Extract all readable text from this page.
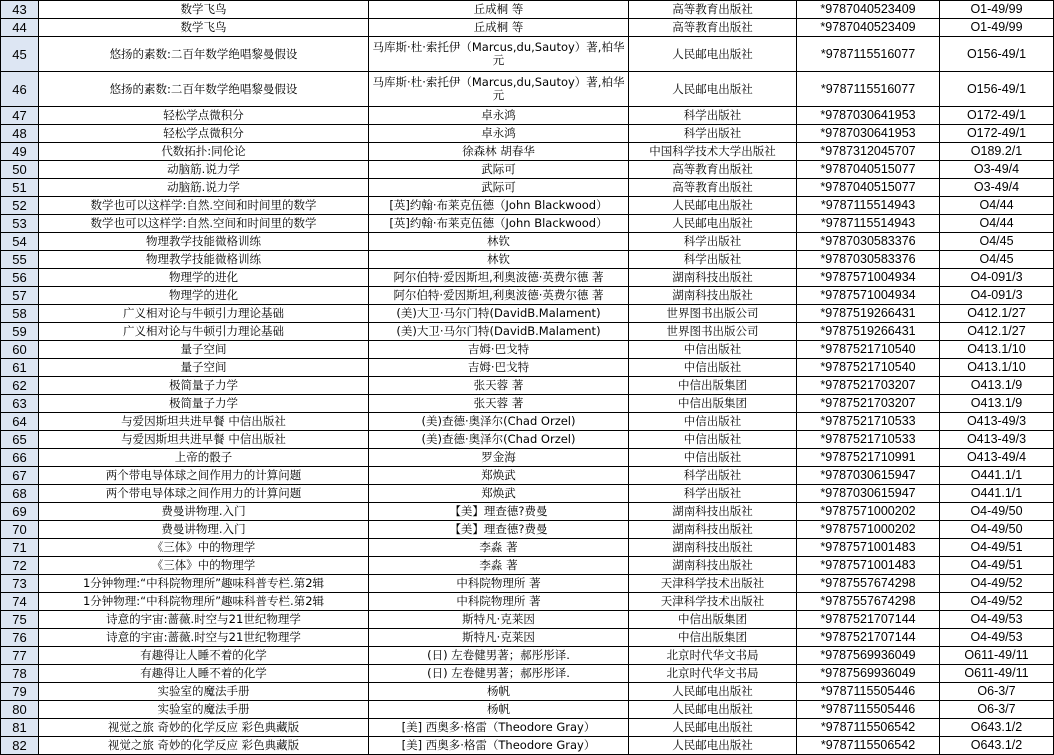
43	数学飞鸟	丘成桐 等	高等教育出版社	*9787040523409	O1-49/99
44	数学飞鸟	丘成桐 等	高等教育出版社	*9787040523409	O1-49/99
45	悠扬的素数:二百年数学绝唱黎曼假设	马库斯·杜·索托伊（Marcus,du,Sautoy）著,柏华元	人民邮电出版社	*9787115516077	O156-49/1
46	悠扬的素数:二百年数学绝唱黎曼假设	马库斯·杜·索托伊（Marcus,du,Sautoy）著,柏华元	人民邮电出版社	*9787115516077	O156-49/1
47	轻松学点微积分	卓永鸿	科学出版社	*9787030641953	O172-49/1
48	轻松学点微积分	卓永鸿	科学出版社	*9787030641953	O172-49/1
49	代数拓扑:同伦论	徐森林 胡春华	中国科学技术大学出版社	*9787312045707	O189.2/1
50	动脑筋.说力学	武际可	高等教育出版社	*9787040515077	O3-49/4
51	动脑筋.说力学	武际可	高等教育出版社	*9787040515077	O3-49/4
52	数学也可以这样学:自然.空间和时间里的数学	[英]约翰·布莱克伍德（John Blackwood）	人民邮电出版社	*9787115514943	O4/44
53	数学也可以这样学:自然.空间和时间里的数学	[英]约翰·布莱克伍德（John Blackwood）	人民邮电出版社	*9787115514943	O4/44
54	物理教学技能微格训练	林钦	科学出版社	*9787030583376	O4/45
55	物理教学技能微格训练	林钦	科学出版社	*9787030583376	O4/45
56	物理学的进化	阿尔伯特·爱因斯坦,利奥波德·英费尔德 著	湖南科技出版社	*9787571004934	O4-091/3
57	物理学的进化	阿尔伯特·爱因斯坦,利奥波德·英费尔德 著	湖南科技出版社	*9787571004934	O4-091/3
58	广义相对论与牛顿引力理论基础	(美)大卫·马尔门特(DavidB.Malament)	世界图书出版公司	*9787519266431	O412.1/27
59	广义相对论与牛顿引力理论基础	(美)大卫·马尔门特(DavidB.Malament)	世界图书出版公司	*9787519266431	O412.1/27
60	量子空间	吉姆·巴戈特	中信出版社	*9787521710540	O413.1/10
61	量子空间	吉姆·巴戈特	中信出版社	*9787521710540	O413.1/10
62	极简量子力学	张天蓉 著	中信出版集团	*9787521703207	O413.1/9
63	极简量子力学	张天蓉 著	中信出版集团	*9787521703207	O413.1/9
64	与爱因斯坦共进早餐 中信出版社	(美)查德·奥泽尔(Chad Orzel)	中信出版社	*9787521710533	O413-49/3
65	与爱因斯坦共进早餐 中信出版社	(美)查德·奥泽尔(Chad Orzel)	中信出版社	*9787521710533	O413-49/3
66	上帝的骰子	罗金海	中信出版社	*9787521710991	O413-49/4
67	两个带电导体球之间作用力的计算问题	郑焕武	科学出版社	*9787030615947	O441.1/1
68	两个带电导体球之间作用力的计算问题	郑焕武	科学出版社	*9787030615947	O441.1/1
69	费曼讲物理.入门	【美】理查德?费曼	湖南科技出版社	*9787571000202	O4-49/50
70	费曼讲物理.入门	【美】理查德?费曼	湖南科技出版社	*9787571000202	O4-49/50
71	《三体》中的物理学	李淼 著	湖南科技出版社	*9787571001483	O4-49/51
72	《三体》中的物理学	李淼 著	湖南科技出版社	*9787571001483	O4-49/51
73	1分钟物理:“中科院物理所”趣味科普专栏.第2辑	中科院物理所 著	天津科学技术出版社	*9787557674298	O4-49/52
74	1分钟物理:“中科院物理所”趣味科普专栏.第2辑	中科院物理所 著	天津科学技术出版社	*9787557674298	O4-49/52
75	诗意的宇宙:蔷薇.时空与21世纪物理学	斯特凡·克莱因	中信出版集团	*9787521707144	O4-49/53
76	诗意的宇宙:蔷薇.时空与21世纪物理学	斯特凡·克莱因	中信出版集团	*9787521707144	O4-49/53
77	有趣得让人睡不着的化学	(日) 左卷健男著；郝彤彤译.	北京时代华文书局	*9787569936049	O611-49/11
78	有趣得让人睡不着的化学	(日) 左卷健男著；郝彤彤译.	北京时代华文书局	*9787569936049	O611-49/11
79	实验室的魔法手册	杨帆	人民邮电出版社	*9787115505446	O6-3/7
80	实验室的魔法手册	杨帆	人民邮电出版社	*9787115505446	O6-3/7
81	视觉之旅 奇妙的化学反应 彩色典藏版	[美] 西奥多·格雷（Theodore Gray）	人民邮电出版社	*9787115506542	O643.1/2
82	视觉之旅 奇妙的化学反应 彩色典藏版	[美] 西奥多·格雷（Theodore Gray）	人民邮电出版社	*9787115506542	O643.1/2
